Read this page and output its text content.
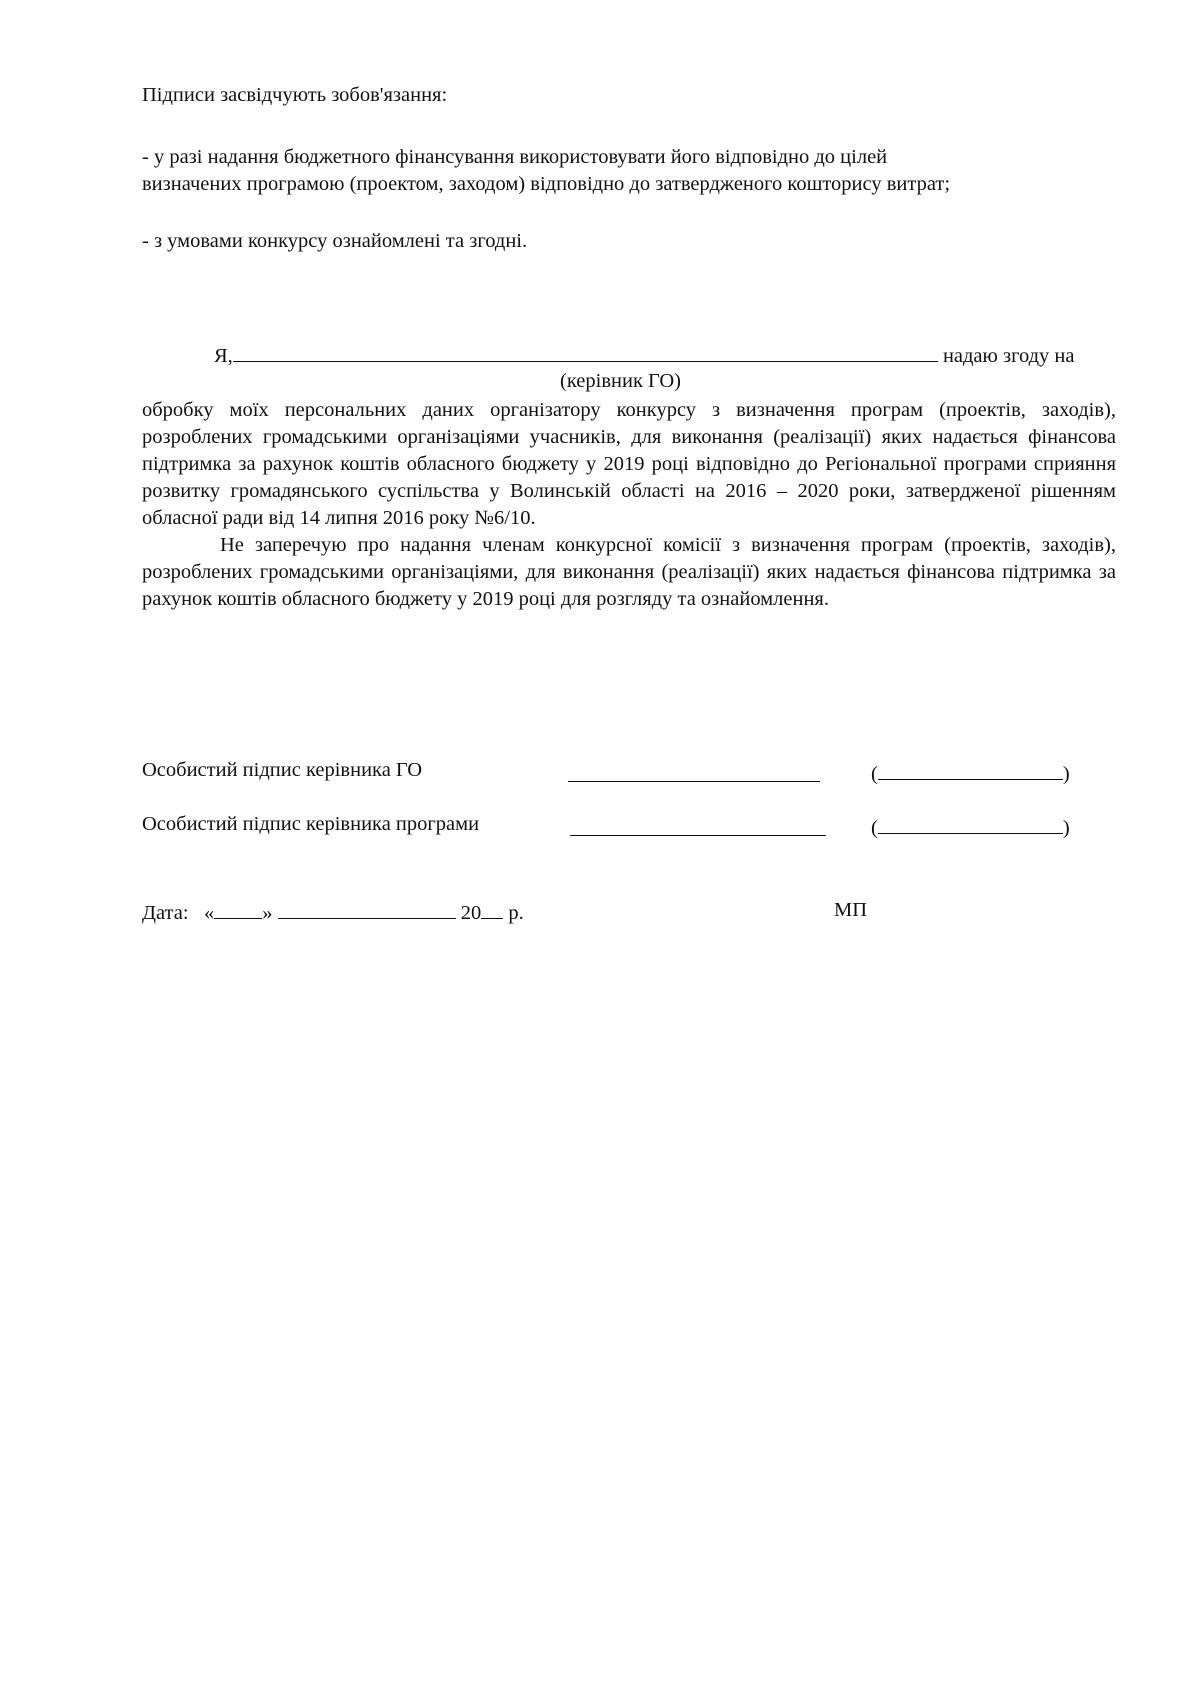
Підписи засвідчують зобов'язання:
- у разі надання бюджетного фінансування використовувати його відповідно до цілей
визначених програмою (проектом, заходом) відповідно до затвердженого кошторису витрат;
- з умовами конкурсу ознайомлені та згодні.
Я,	надаю згоду на
(керівник ГО)

обробку моїх персональних даних організатору конкурсу з визначення програм (проектів, заходів), розроблених громадськими організаціями учасників, для виконання (реалізації) яких надається фінансова підтримка за рахунок коштів обласного бюджету у 2019 році відповідно до Регіональної програми сприяння розвитку громадянського суспільства у Волинській області на 2016 – 2020 роки, затвердженої рішенням обласної ради від 14 липня 2016 року №6/10.

Не заперечую про надання членам конкурсної комісії з визначення програм (проектів, заходів), розроблених громадськими організаціями, для виконання (реалізації) яких надається фінансова підтримка за рахунок коштів обласного бюджету у 2019 році для розгляду та ознайомлення.

Особистий підпис керівника ГО	(	)
Особистий підпис керівника програми	(	)
Дата: « »	20 р.	МП
